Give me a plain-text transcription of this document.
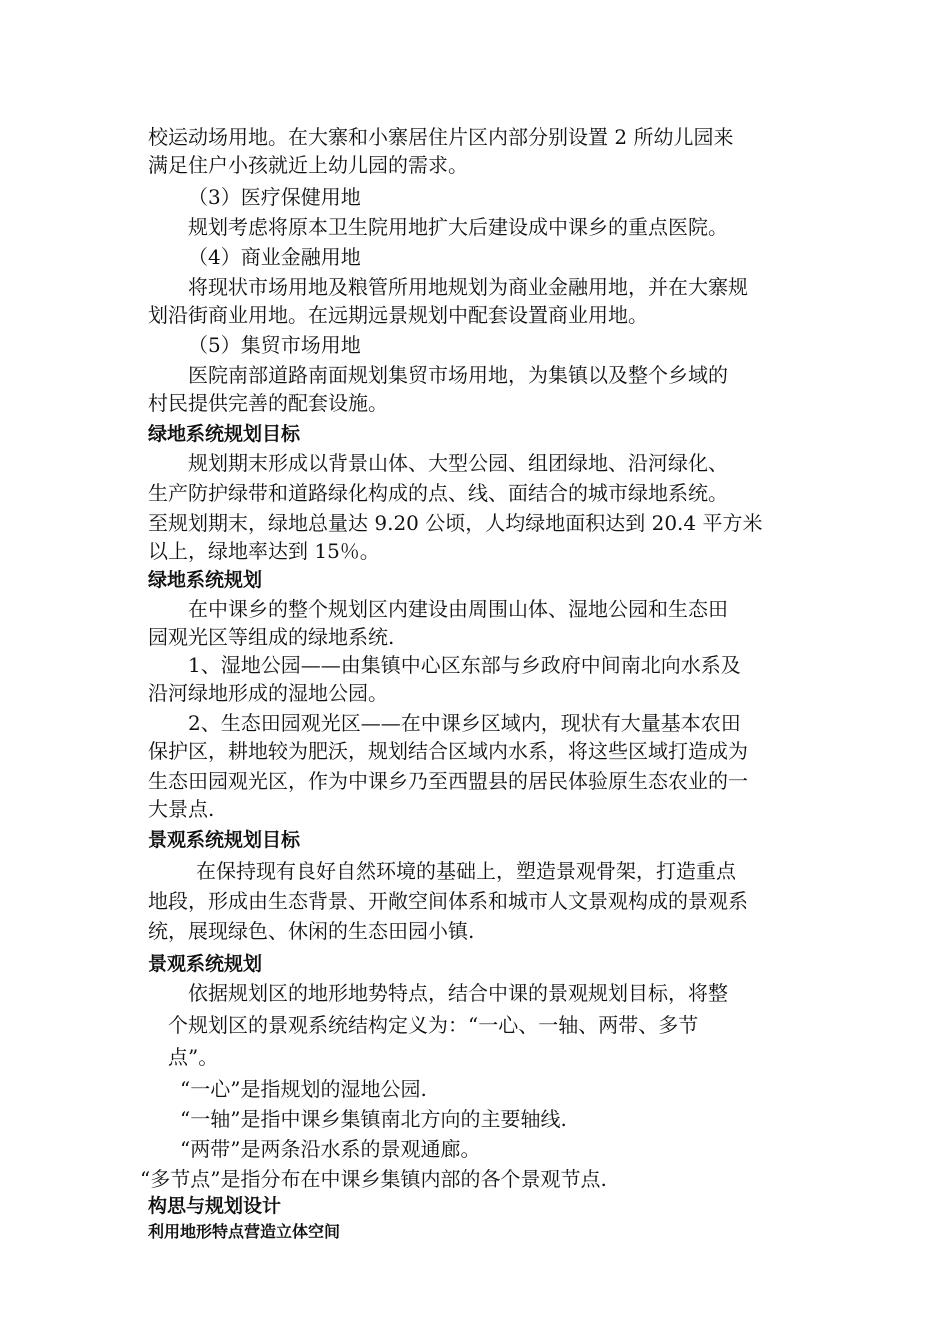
校运动场用地。在大寨和小寨居住片区内部分别设置 2 所幼儿园来
满足住户小孩就近上幼儿园的需求。
（3）医疗保健用地
规划考虑将原本卫生院用地扩大后建设成中课乡的重点医院。
（4）商业金融用地
将现状市场用地及粮管所用地规划为商业金融用地，并在大寨规
划沿街商业用地。在远期远景规划中配套设置商业用地。
（5）集贸市场用地
医院南部道路南面规划集贸市场用地，为集镇以及整个乡域的
村民提供完善的配套设施。
绿地系统规划目标
规划期末形成以背景山体、大型公园、组团绿地、沿河绿化、
生产防护绿带和道路绿化构成的点、线、面结合的城市绿地系统。
至规划期末，绿地总量达 9.20 公顷，人均绿地面积达到 20.4 平方米
以上，绿地率达到 15％。
绿地系统规划
在中课乡的整个规划区内建设由周围山体、湿地公园和生态田
园观光区等组成的绿地系统.
1、湿地公园——由集镇中心区东部与乡政府中间南北向水系及
沿河绿地形成的湿地公园。
2、生态田园观光区——在中课乡区域内，现状有大量基本农田
保护区，耕地较为肥沃，规划结合区域内水系，将这些区域打造成为
生态田园观光区，作为中课乡乃至西盟县的居民体验原生态农业的一
大景点.
景观系统规划目标
在保持现有良好自然环境的基础上，塑造景观骨架，打造重点
地段，形成由生态背景、开敞空间体系和城市人文景观构成的景观系
统，展现绿色、休闲的生态田园小镇.
景观系统规划
依据规划区的地形地势特点，结合中课的景观规划目标，将整
个规划区的景观系统结构定义为：“一心、一轴、两带、多节
点”。
“一心”是指规划的湿地公园.
“一轴”是指中课乡集镇南北方向的主要轴线.
“两带”是两条沿水系的景观通廊。
“多节点”是指分布在中课乡集镇内部的各个景观节点.
构思与规划设计
利用地形特点营造立体空间
